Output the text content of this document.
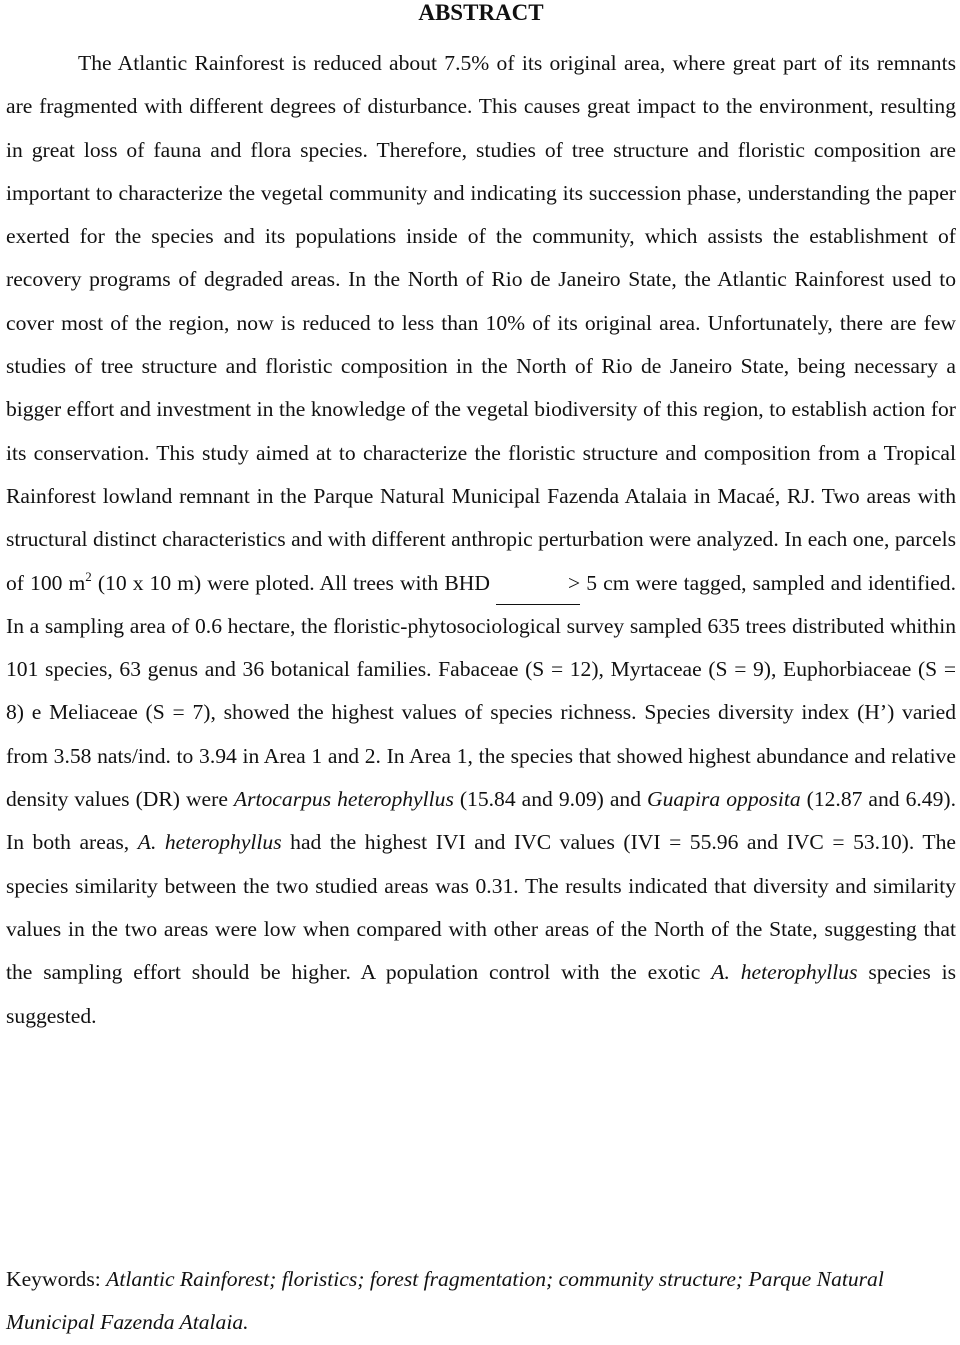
ABSTRACT

The Atlantic Rainforest is reduced about 7.5% of its original area, where great part of its remnants are fragmented with different degrees of disturbance. This causes great impact to the environment, resulting in great loss of fauna and flora species. Therefore, studies of tree structure and floristic composition are important to characterize the vegetal community and indicating its succession phase, understanding the paper exerted for the species and its populations inside of the community, which assists the establishment of recovery programs of degraded areas. In the North of Rio de Janeiro State, the Atlantic Rainforest used to cover most of the region, now is reduced to less than 10% of its original area. Unfortunately, there are few studies of tree structure and floristic composition in the North of Rio de Janeiro State, being necessary a bigger effort and investment in the knowledge of the vegetal biodiversity of this region, to establish action for its conservation. This study aimed at to characterize the floristic structure and composition from a Tropical Rainforest lowland remnant in the Parque Natural Municipal Fazenda Atalaia in Macaé, RJ. Two areas with structural distinct characteristics and with different anthropic perturbation were analyzed. In each one, parcels of 100 $m^2$ (10 x 10 m) were ploted. All trees with BHD	> 5 cm were tagged, sampled and identified. In a sampling area of 0.6 hectare, the floristic-phytosociological survey sampled 635 trees distributed whithin 101 species, 63 genus and 36 botanical families. Fabaceae (S = 12), Myrtaceae (S = 9), Euphorbiaceae (S = 8) e Meliaceae (S = 7), showed the highest values of species richness. Species diversity index (H’) varied from 3.58 nats/ind. to 3.94 in Area 1 and 2. In Area 1, the species that showed highest abundance and relative density values (DR) were Artocarpus heterophyllus (15.84 and 9.09) and Guapira opposita (12.87 and 6.49). In both areas, A. heterophyllus had the highest IVI and IVC values (IVI = 55.96 and IVC = 53.10). The species similarity between the two studied areas was 0.31. The results indicated that diversity and similarity values in the two areas were low when compared with other areas of the North of the State, suggesting that the sampling effort should be higher. A population control with the exotic A. heterophyllus species is suggested.

Keywords: Atlantic Rainforest; floristics; forest fragmentation; community structure; Parque Natural Municipal Fazenda Atalaia.
